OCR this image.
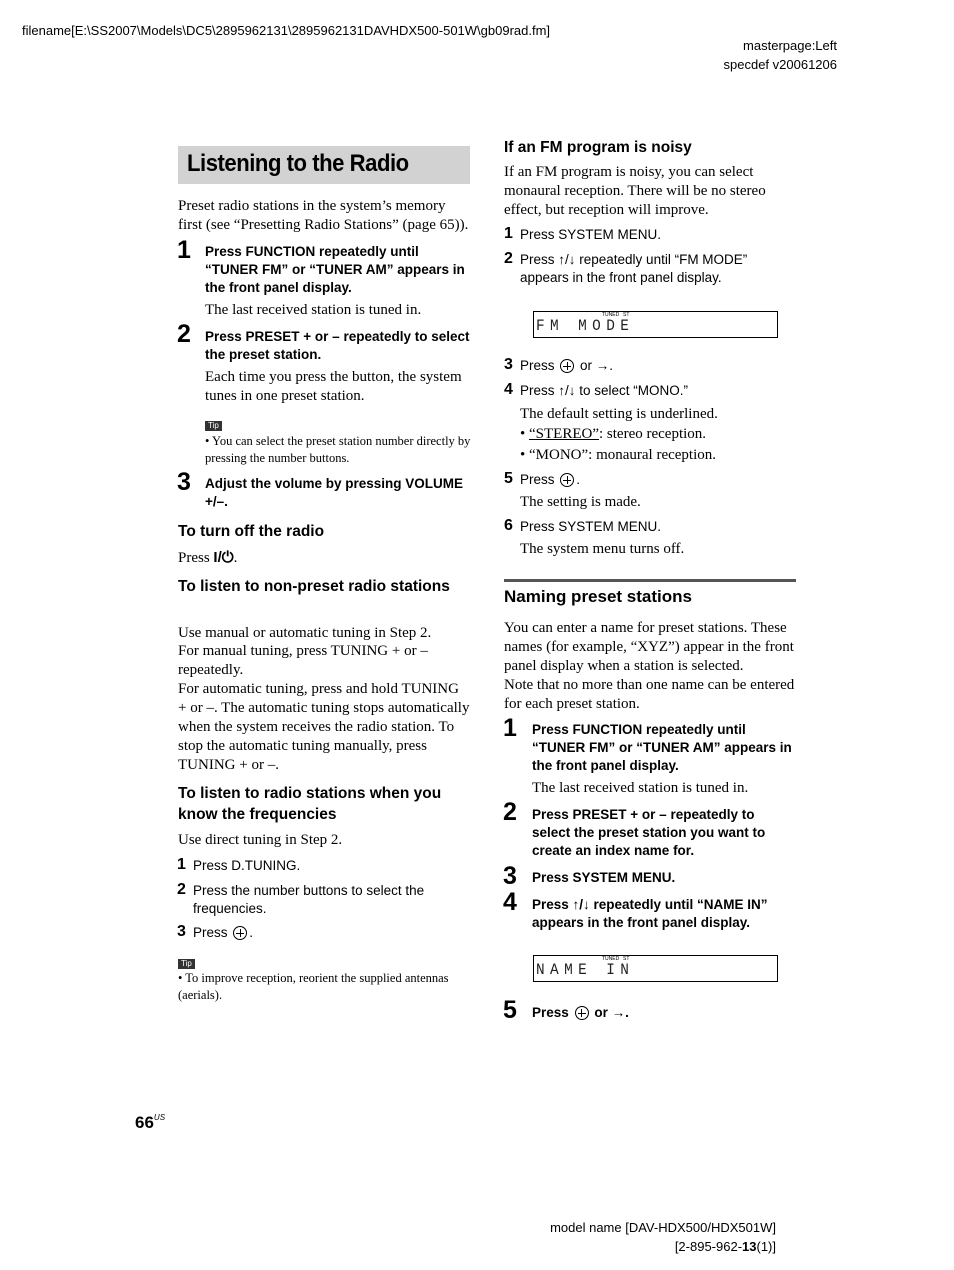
filename[E:\SS2007\Models\DC5\2895962131\2895962131DAVHDX500-501W\gb09rad.fm]
masterpage:Left
specdef v20061206
Listening to the Radio

Preset radio stations in the system’s memory first (see “Presetting Radio Stations” (page 65)).

1 Press FUNCTION repeatedly until “TUNER FM” or “TUNER AM” appears in the front panel display.

The last received station is tuned in.

2 Press PRESET + or – repeatedly to select the preset station.

Each time you press the button, the system tunes in one preset station.

Tip
• You can select the preset station number directly by pressing the number buttons.
3 Adjust the volume by pressing VOLUME +/–.
To turn off the radio

Press I/⏻.

To listen to non-preset radio stations

Use manual or automatic tuning in Step 2.

For manual tuning, press TUNING + or – repeatedly.

For automatic tuning, press and hold TUNING + or –. The automatic tuning stops automatically when the system receives the radio station. To stop the automatic tuning manually, press TUNING + or –.

To listen to radio stations when you know the frequencies

Use direct tuning in Step 2.

1 Press D.TUNING.
2 Press the number buttons to select the frequencies.
3 Press .
Tip
• To improve reception, reorient the supplied antennas (aerials).
If an FM program is noisy

If an FM program is noisy, you can select monaural reception. There will be no stereo effect, but reception will improve.

1 Press SYSTEM MENU.
2 Press ↑/↓ repeatedly until “FM MODE” appears in the front panel display.
TUNED ST
FM MODE
3 Press or →.
4 Press ↑/↓ to select “MONO.”

The default setting is underlined.

• “STEREO”: stereo reception.

• “MONO”: monaural reception.

5 Press .

The setting is made.

6 Press SYSTEM MENU.

The system menu turns off.

Naming preset stations

You can enter a name for preset stations. These names (for example, “XYZ”) appear in the front panel display when a station is selected.

Note that no more than one name can be entered for each preset station.

1 Press FUNCTION repeatedly until “TUNER FM” or “TUNER AM” appears in the front panel display.

The last received station is tuned in.

2 Press PRESET + or – repeatedly to select the preset station you want to create an index name for.
3 Press SYSTEM MENU.
4 Press ↑/↓ repeatedly until “NAME IN” appears in the front panel display.
TUNED ST
NAME IN
5 Press or →.
$66^{US}$
model name [DAV-HDX500/HDX501W]
[2-895-962-13(1)]
